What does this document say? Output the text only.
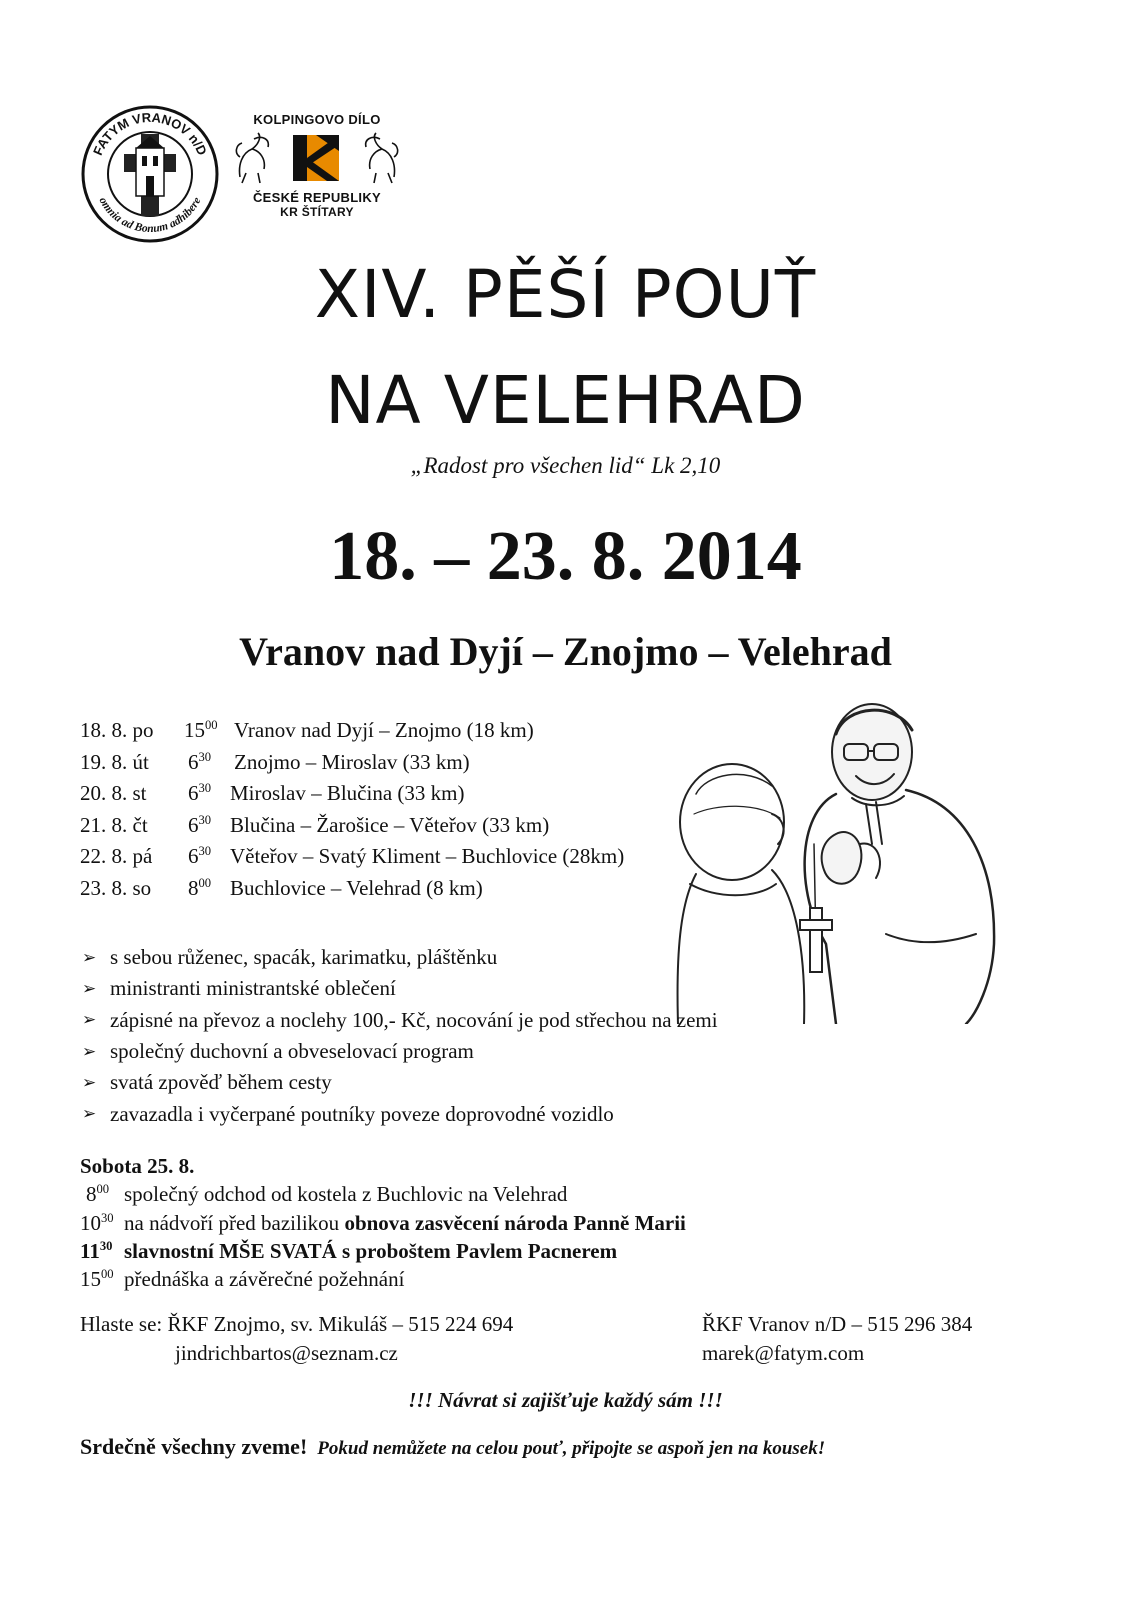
FATYM VRANOV n/D
omnia ad Bonum adhibere
KOLPINGOVO DÍLO
ČESKÉ REPUBLIKY
KR ŠTÍTARY
XIV. PĚŠÍ POUŤ
NA VELEHRAD
„Radost pro všechen lid“ Lk 2,10
18. – 23. 8. 2014
Vranov nad Dyjí – Znojmo – Velehrad
18. 8. po $15^{00}$ Vranov nad Dyjí – Znojmo (18 km)
19. 8. út $6^{30}$ Znojmo – Miroslav (33 km)
20. 8. st $6^{30}$ Miroslav – Blučina (33 km)
21. 8. čt $6^{30}$ Blučina – Žarošice – Věteřov (33 km)
22. 8. pá $6^{30}$ Věteřov – Svatý Kliment – Buchlovice (28km)
23. 8. so $8^{00}$ Buchlovice – Velehrad (8 km)
➢ s sebou růženec, spacák, karimatku, pláštěnku
➢ ministranti ministrantské oblečení
➢ zápisné na převoz a noclehy 100,- Kč, nocování je pod střechou na zemi
➢ společný duchovní a obveselovací program
➢ svatá zpověď během cesty
➢ zavazadla i vyčerpané poutníky poveze doprovodné vozidlo
Sobota 25. 8.
$8^{00}$ společný odchod od kostela z Buchlovic na Velehrad
$10^{30}$ na nádvoří před bazilikou obnova zasvěcení národa Panně Marii
$11^{30}$ slavnostní MŠE SVATÁ s proboštem Pavlem Pacnerem
$15^{00}$ přednáška a závěrečné požehnání
Hlaste se: ŘKF Znojmo, sv. Mikuláš – 515 224 694
jindrichbartos@seznam.cz
ŘKF Vranov n/D – 515 296 384
marek@fatym.com
!!! Návrat si zajišťuje každý sám !!!
Srdečně všechny zveme! Pokud nemůžete na celou pouť, připojte se aspoň jen na kousek!
